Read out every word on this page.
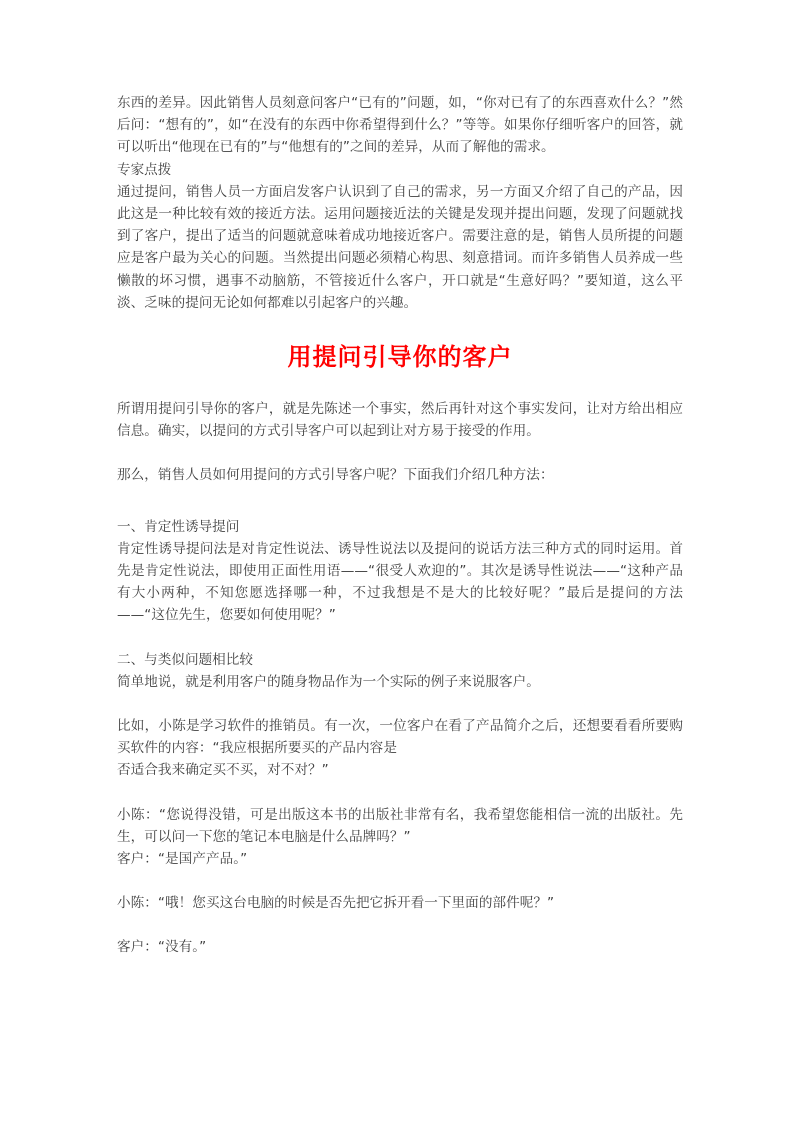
东西的差异。因此销售人员刻意问客户“已有的”问题，如，“你对已有了的东西喜欢什么？”然后问：“想有的”，如“在没有的东西中你希望得到什么？”等等。如果你仔细听客户的回答，就可以听出“他现在已有的”与“他想有的”之间的差异，从而了解他的需求。

专家点拨

通过提问，销售人员一方面启发客户认识到了自己的需求，另一方面又介绍了自己的产品，因此这是一种比较有效的接近方法。运用问题接近法的关键是发现并提出问题，发现了问题就找到了客户，提出了适当的问题就意味着成功地接近客户。需要注意的是，销售人员所提的问题应是客户最为关心的问题。当然提出问题必须精心构思、刻意措词。而许多销售人员养成一些懒散的坏习惯，遇事不动脑筋，不管接近什么客户，开口就是“生意好吗？”要知道，这么平淡、乏味的提问无论如何都难以引起客户的兴趣。

用提问引导你的客户

所谓用提问引导你的客户，就是先陈述一个事实，然后再针对这个事实发问，让对方给出相应信息。确实，以提问的方式引导客户可以起到让对方易于接受的作用。

那么，销售人员如何用提问的方式引导客户呢？下面我们介绍几种方法：

一、肯定性诱导提问

肯定性诱导提问法是对肯定性说法、诱导性说法以及提问的说话方法三种方式的同时运用。首先是肯定性说法，即使用正面性用语——“很受人欢迎的”。其次是诱导性说法——“这种产品有大小两种，不知您愿选择哪一种，不过我想是不是大的比较好呢？”最后是提问的方法——“这位先生，您要如何使用呢？”

二、与类似问题相比较

简单地说，就是利用客户的随身物品作为一个实际的例子来说服客户。

比如，小陈是学习软件的推销员。有一次，一位客户在看了产品简介之后，还想要看看所要购买软件的内容：“我应根据所要买的产品内容是

否适合我来确定买不买，对不对？”

小陈：“您说得没错，可是出版这本书的出版社非常有名，我希望您能相信一流的出版社。先生，可以问一下您的笔记本电脑是什么品牌吗？”

客户：“是国产产品。”

小陈：“哦！您买这台电脑的时候是否先把它拆开看一下里面的部件呢？”

客户：“没有。”
